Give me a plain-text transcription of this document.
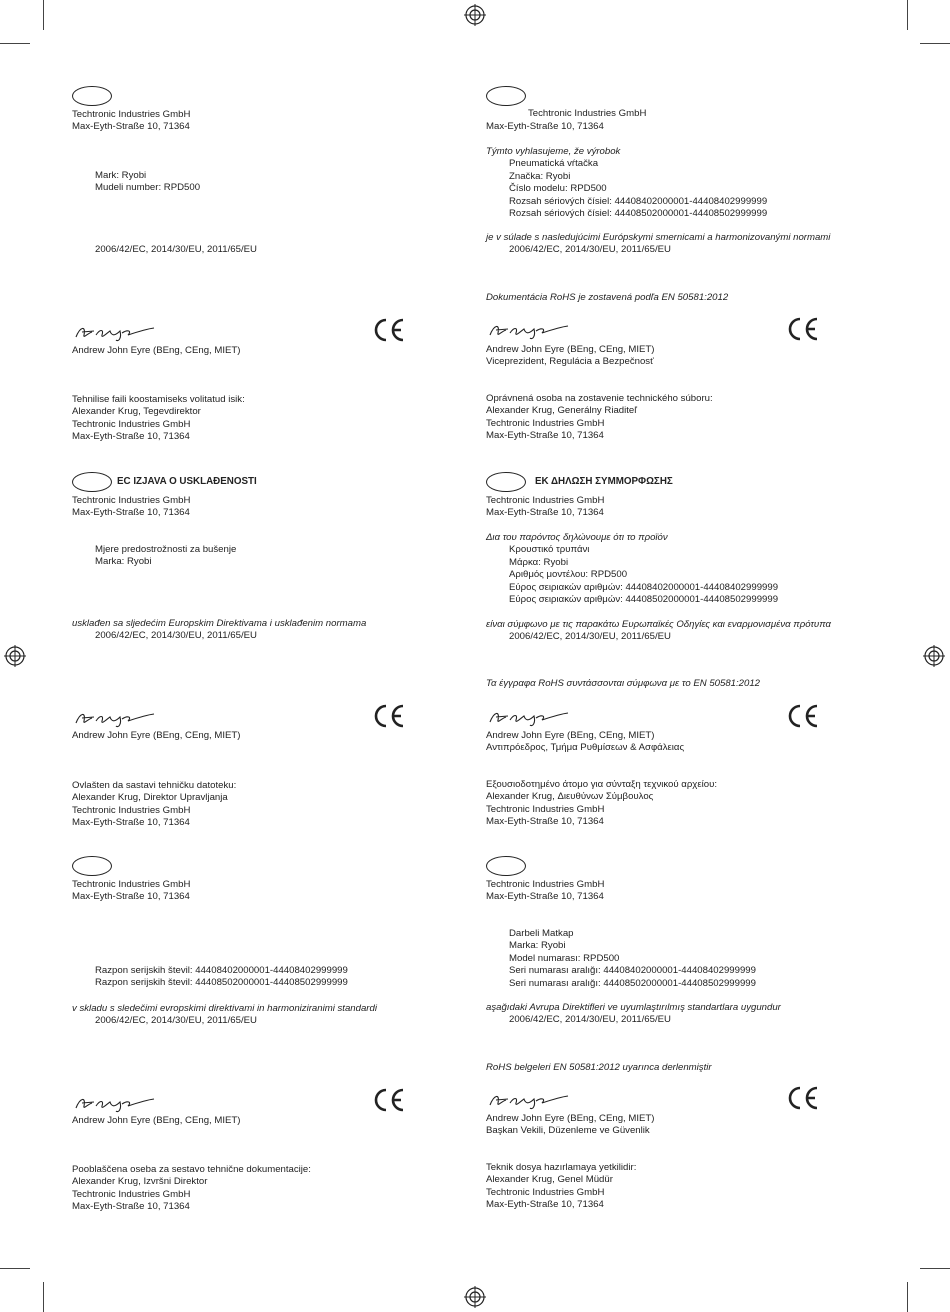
Techtronic Industries GmbH
Max-Eyth-Straße 10, 71364
Mark: Ryobi
Mudeli number: RPD500
2006/42/EC, 2014/30/EU, 2011/65/EU
Andrew John Eyre (BEng, CEng, MIET)
Tehnilise faili koostamiseks volitatud isik:
Alexander Krug, Tegevdirektor
Techtronic Industries GmbH
Max-Eyth-Straße 10, 71364
EC IZJAVA O USKLAĐENOSTI
Techtronic Industries GmbH
Max-Eyth-Straße 10, 71364
Mjere predostrožnosti za bušenje
Marka: Ryobi
usklađen sa sljedećim Europskim Direktivama i usklađenim normama
2006/42/EC, 2014/30/EU, 2011/65/EU
Andrew John Eyre (BEng, CEng, MIET)
Ovlašten da sastavi tehničku datoteku:
Alexander Krug, Direktor Upravljanja
Techtronic Industries GmbH
Max-Eyth-Straße 10, 71364
Techtronic Industries GmbH
Max-Eyth-Straße 10, 71364
Razpon serijskih števil: 44408402000001-44408402999999
Razpon serijskih števil: 44408502000001-44408502999999
v skladu s sledečimi evropskimi direktivami in harmoniziranimi standardi
2006/42/EC, 2014/30/EU, 2011/65/EU
Andrew John Eyre (BEng, CEng, MIET)
Pooblaščena oseba za sestavo tehnične dokumentacije:
Alexander Krug, Izvršni Direktor
Techtronic Industries GmbH
Max-Eyth-Straße 10, 71364
Techtronic Industries GmbH
Max-Eyth-Straße 10, 71364
Týmto vyhlasujeme, že výrobok
Pneumatická vŕtačka
Značka: Ryobi
Číslo modelu: RPD500
Rozsah sériových čísiel: 44408402000001-44408402999999
Rozsah sériových čísiel: 44408502000001-44408502999999
je v súlade s nasledujúcimi Európskymi smernicami a harmonizovanými normami
2006/42/EC, 2014/30/EU, 2011/65/EU
Dokumentácia RoHS je zostavená podľa EN 50581:2012
Andrew John Eyre (BEng, CEng, MIET)
Viceprezident, Regulácia a Bezpečnosť
Oprávnená osoba na zostavenie technického súboru:
Alexander Krug, Generálny Riaditeľ
Techtronic Industries GmbH
Max-Eyth-Straße 10, 71364
ΕΚ ΔΗΛΩΣΗ ΣΥΜΜΟΡΦΩΣΗΣ
Techtronic Industries GmbH
Max-Eyth-Straße 10, 71364
Δια του παρόντος δηλώνουμε ότι το προϊόν
Κρουστικό τρυπάνι
Μάρκα: Ryobi
Αριθμός μοντέλου: RPD500
Εύρος σειριακών αριθμών: 44408402000001-44408402999999
Εύρος σειριακών αριθμών: 44408502000001-44408502999999
είναι σύμφωνο με τις παρακάτω Ευρωπαϊκές Οδηγίες και εναρμονισμένα πρότυπα
2006/42/EC, 2014/30/EU, 2011/65/EU
Τα έγγραφα RoHS συντάσσονται σύμφωνα με το EN 50581:2012
Andrew John Eyre (BEng, CEng, MIET)
Αντιπρόεδρος, Τμήμα Ρυθμίσεων & Ασφάλειας
Εξουσιοδοτημένο άτομο για σύνταξη τεχνικού αρχείου:
Alexander Krug, Διευθύνων Σύμβουλος
Techtronic Industries GmbH
Max-Eyth-Straße 10, 71364
Techtronic Industries GmbH
Max-Eyth-Straße 10, 71364
Darbeli Matkap
Marka: Ryobi
Model numarası: RPD500
Seri numarası aralığı: 44408402000001-44408402999999
Seri numarası aralığı: 44408502000001-44408502999999
aşağıdaki Avrupa Direktifleri ve uyumlaştırılmış standartlara uygundur
2006/42/EC, 2014/30/EU, 2011/65/EU
RoHS belgeleri EN 50581:2012 uyarınca derlenmiştir
Andrew John Eyre (BEng, CEng, MIET)
Başkan Vekili, Düzenleme ve Güvenlik
Teknik dosya hazırlamaya yetkilidir:
Alexander Krug, Genel Müdür
Techtronic Industries GmbH
Max-Eyth-Straße 10, 71364
